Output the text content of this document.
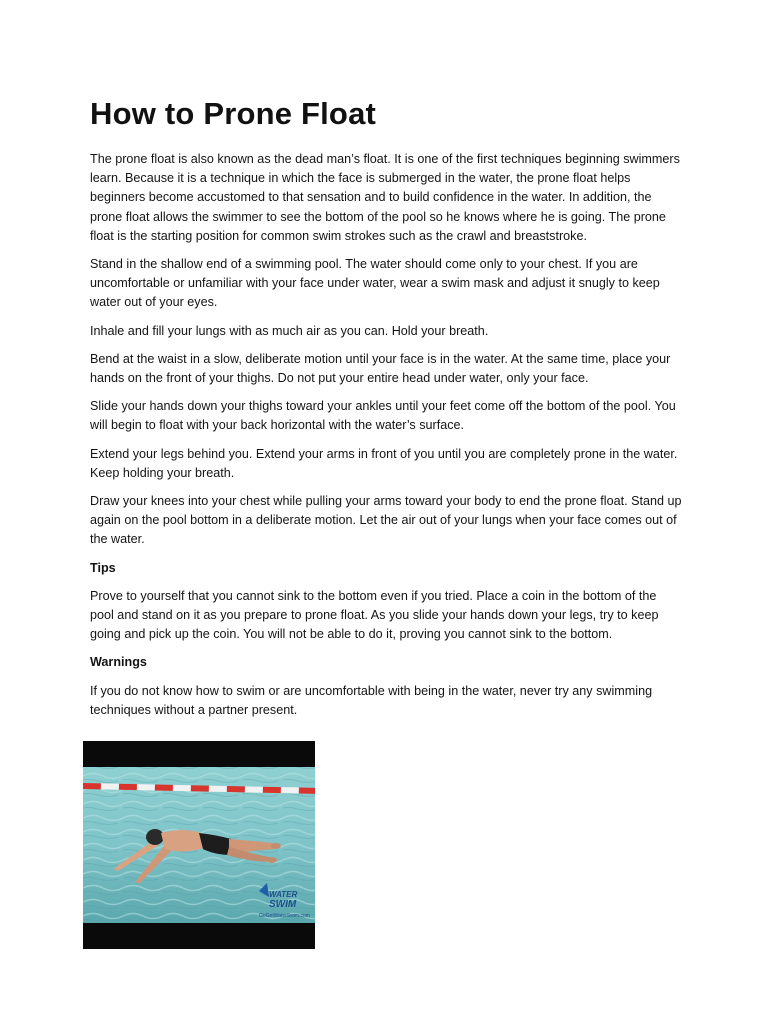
How to Prone Float

The prone float is also known as the dead man’s float. It is one of the first techniques beginning swimmers learn. Because it is a technique in which the face is submerged in the water, the prone float helps beginners become accustomed to that sensation and to build confidence in the water. In addition, the prone float allows the swimmer to see the bottom of the pool so he knows where he is going. The prone float is the starting position for common swim strokes such as the crawl and breaststroke.

Stand in the shallow end of a swimming pool. The water should come only to your chest. If you are uncomfortable or unfamiliar with your face under water, wear a swim mask and adjust it snugly to keep water out of your eyes.

Inhale and fill your lungs with as much air as you can. Hold your breath.

Bend at the waist in a slow, deliberate motion until your face is in the water. At the same time, place your hands on the front of your thighs. Do not put your entire head under water, only your face.

Slide your hands down your thighs toward your ankles until your feet come off the bottom of the pool. You will begin to float with your back horizontal with the water’s surface.

Extend your legs behind you. Extend your arms in front of you until you are completely prone in the water. Keep holding your breath.

Draw your knees into your chest while pulling your arms toward your body to end the prone float. Stand up again on the pool bottom in a deliberate motion. Let the air out of your lungs when your face comes out of the water.

Tips

Prove to yourself that you cannot sink to the bottom even if you tried. Place a coin in the bottom of the pool and stand on it as you prepare to prone float. As you slide your hands down your legs, try to keep going and pick up the coin. You will not be able to do it, proving you cannot sink to the bottom.

Warnings

If you do not know how to swim or are uncomfortable with being in the water, never try any swimming techniques without a partner present.

WATER
SWIM
GoGetWaterSwim.com
